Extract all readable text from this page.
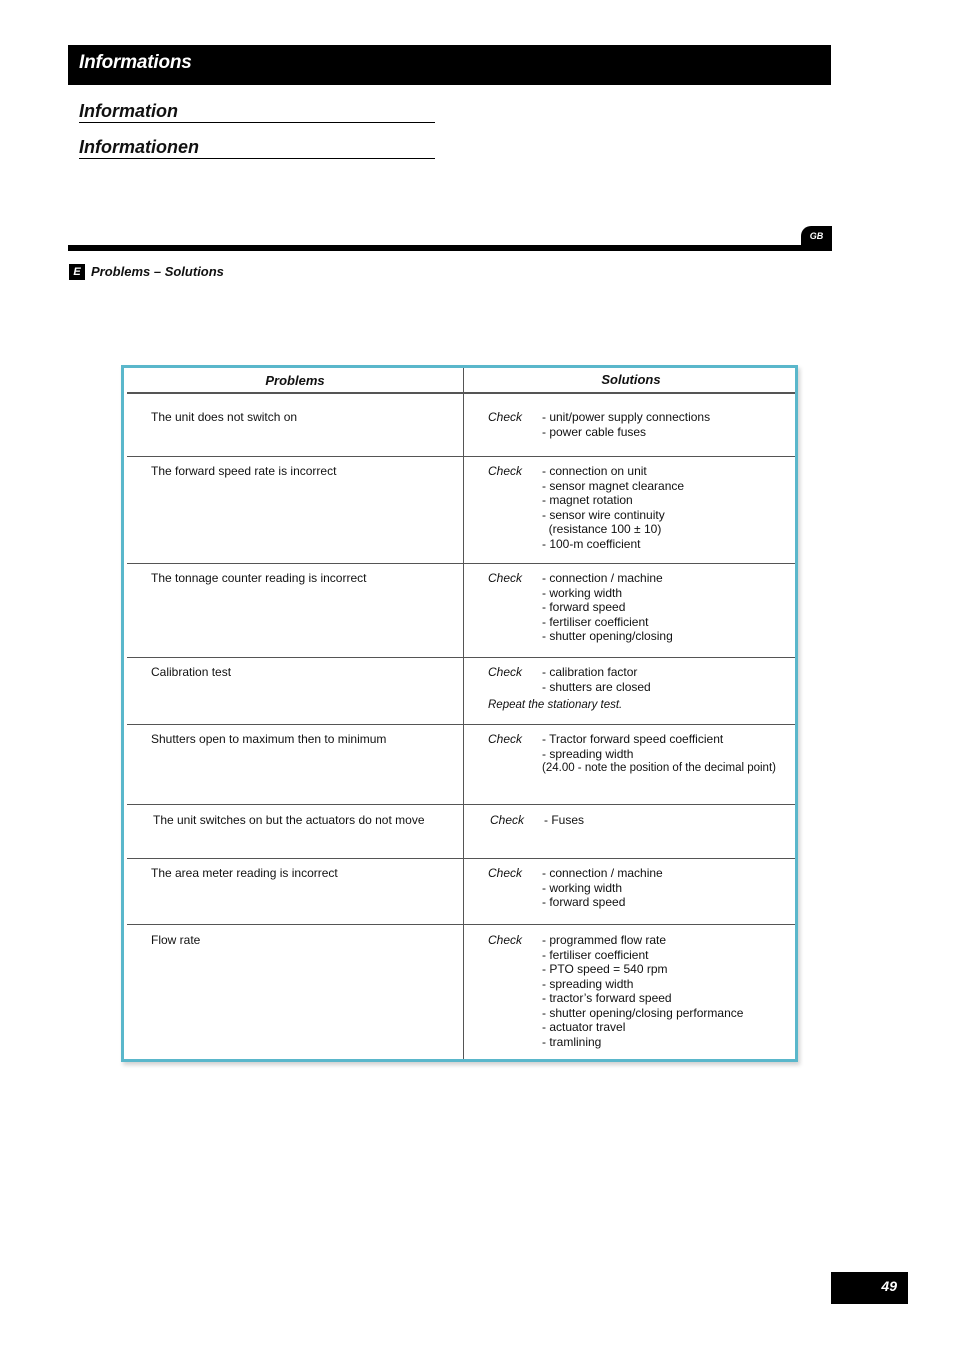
Informations
Information
Informationen
GB
E Problems – Solutions
Problems	Solutions
The unit does not switch on	Check - unit/power supply connections
- power cable fuses
The forward speed rate is incorrect	Check - connection on unit
- sensor magnet clearance
- magnet rotation
- sensor wire continuity
(resistance 100 ± 10)
- 100-m coefficient
The tonnage counter reading is incorrect	Check - connection / machine
- working width
- forward speed
- fertiliser coefficient
- shutter opening/closing
Calibration test	Check - calibration factor
- shutters are closed
Repeat the stationary test.
Shutters open to maximum then to minimum	Check - Tractor forward speed coefficient
- spreading width
(24.00 - note the position of the decimal point)
The unit switches on but the actuators do not move	Check - Fuses
The area meter reading is incorrect	Check - connection / machine
- working width
- forward speed
Flow rate	Check - programmed flow rate
- fertiliser coefficient
- PTO speed = 540 rpm
- spreading width
- tractor’s forward speed
- shutter opening/closing performance
- actuator travel
- tramlining
49
